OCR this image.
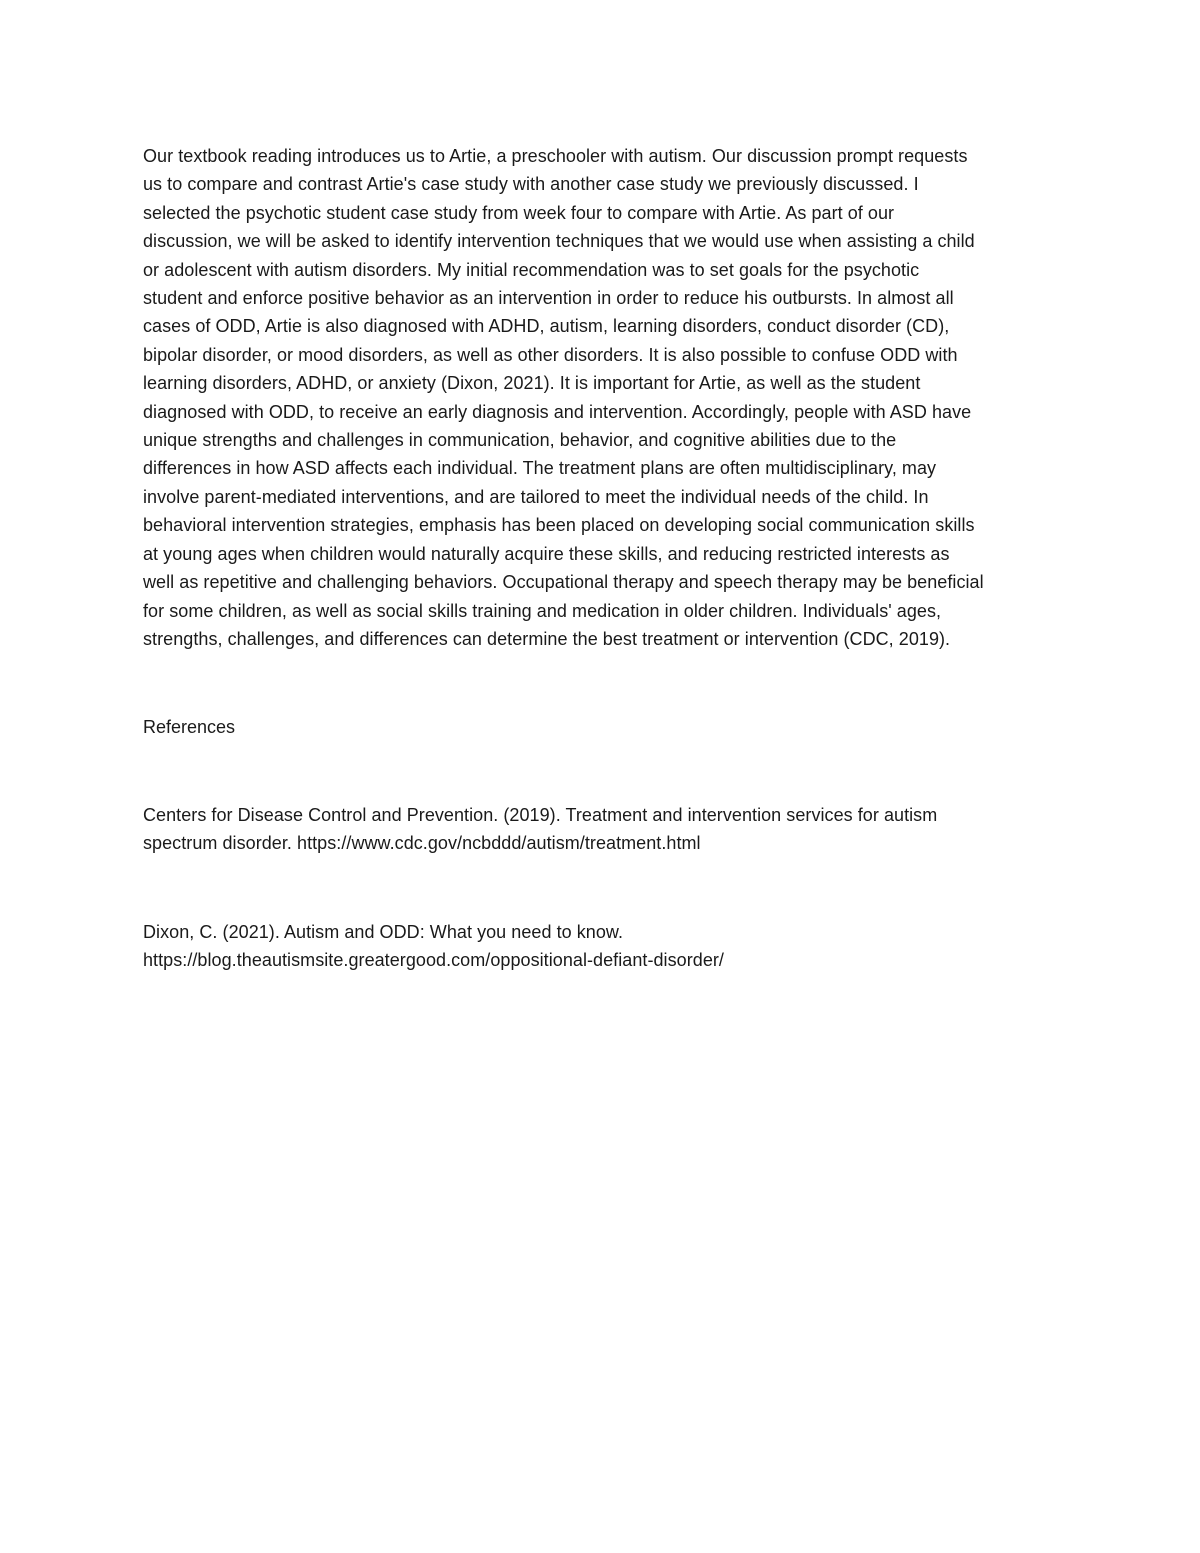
Our textbook reading introduces us to Artie, a preschooler with autism. Our discussion prompt requests
us to compare and contrast Artie's case study with another case study we previously discussed. I
selected the psychotic student case study from week four to compare with Artie. As part of our
discussion, we will be asked to identify intervention techniques that we would use when assisting a child
or adolescent with autism disorders. My initial recommendation was to set goals for the psychotic
student and enforce positive behavior as an intervention in order to reduce his outbursts. In almost all
cases of ODD, Artie is also diagnosed with ADHD, autism, learning disorders, conduct disorder (CD),
bipolar disorder, or mood disorders, as well as other disorders. It is also possible to confuse ODD with
learning disorders, ADHD, or anxiety (Dixon, 2021). It is important for Artie, as well as the student
diagnosed with ODD, to receive an early diagnosis and intervention. Accordingly, people with ASD have
unique strengths and challenges in communication, behavior, and cognitive abilities due to the
differences in how ASD affects each individual. The treatment plans are often multidisciplinary, may
involve parent-mediated interventions, and are tailored to meet the individual needs of the child. In
behavioral intervention strategies, emphasis has been placed on developing social communication skills
at young ages when children would naturally acquire these skills, and reducing restricted interests as
well as repetitive and challenging behaviors. Occupational therapy and speech therapy may be beneficial
for some children, as well as social skills training and medication in older children. Individuals' ages,
strengths, challenges, and differences can determine the best treatment or intervention (CDC, 2019).
References
Centers for Disease Control and Prevention. (2019). Treatment and intervention services for autism
spectrum disorder. https://www.cdc.gov/ncbddd/autism/treatment.html
Dixon, C. (2021). Autism and ODD: What you need to know.
https://blog.theautismsite.greatergood.com/oppositional-defiant-disorder/
